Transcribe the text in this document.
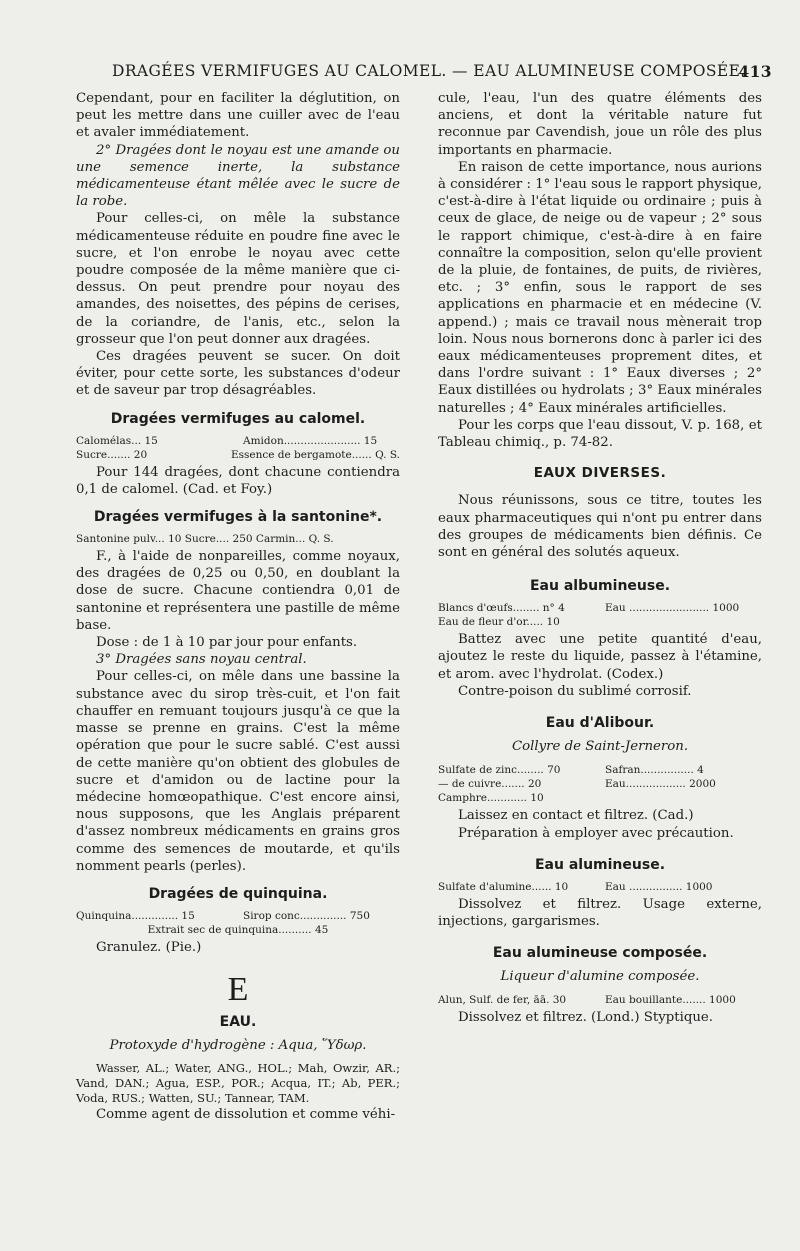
DRAGÉES VERMIFUGES AU CALOMEL. — EAU ALUMINEUSE COMPOSÉE.
413

Cependant, pour en faciliter la déglutition, on peut les mettre dans une cuiller avec de l'eau et avaler immédiatement.

2° Dragées dont le noyau est une amande ou une semence inerte, la substance médicamenteuse étant mêlée avec le sucre de la robe.

Pour celles-ci, on mêle la substance médicamenteuse réduite en poudre fine avec le sucre, et l'on enrobe le noyau avec cette poudre composée de la même manière que ci-dessus. On peut prendre pour noyau des amandes, des noisettes, des pépins de cerises, de la coriandre, de l'anis, etc., selon la grosseur que l'on peut donner aux dragées.

Ces dragées peuvent se sucer. On doit éviter, pour cette sorte, les substances d'odeur et de saveur par trop désagréables.

Dragées vermifuges au calomel.
Calomélas... 15	Amidon....................... 15
Sucre....... 20	Essence de bergamote...... Q. S.

Pour 144 dragées, dont chacune contiendra 0,1 de calomel. (Cad. et Foy.)

Dragées vermifuges à la santonine*.
Santonine pulv... 10 Sucre.... 250 Carmin... Q. S.

F., à l'aide de nonpareilles, comme noyaux, des dragées de 0,25 ou 0,50, en doublant la dose de sucre. Chacune contiendra 0,01 de santonine et représentera une pastille de même base.

Dose : de 1 à 10 par jour pour enfants.

3° Dragées sans noyau central.

Pour celles-ci, on mêle dans une bassine la substance avec du sirop très-cuit, et l'on fait chauffer en remuant toujours jusqu'à ce que la masse se prenne en grains. C'est la même opération que pour le sucre sablé. C'est aussi de cette manière qu'on obtient des globules de sucre et d'amidon ou de lactine pour la médecine homœopathique. C'est encore ainsi, nous supposons, que les Anglais préparent d'assez nombreux médicaments en grains gros comme des semences de moutarde, et qu'ils nomment pearls (perles).

Dragées de quinquina.
Quinquina.............. 15	Sirop conc.............. 750
Extrait sec de quinquina.......... 45

Granulez. (Pie.)

E
EAU.

Protoxyde d'hydrogène : Aqua, Ὕδωρ.

Wasser, AL.; Water, ANG., HOL.; Mah, Owzir, AR.; Vand, DAN.; Agua, ESP., POR.; Acqua, IT.; Ab, PER.; Voda, RUS.; Watten, SU.; Tannear, TAM.

Comme agent de dissolution et comme véhi-

cule, l'eau, l'un des quatre éléments des anciens, et dont la véritable nature fut reconnue par Cavendish, joue un rôle des plus importants en pharmacie.

En raison de cette importance, nous aurions à considérer : 1° l'eau sous le rapport physique, c'est-à-dire à l'état liquide ou ordinaire ; puis à ceux de glace, de neige ou de vapeur ; 2° sous le rapport chimique, c'est-à-dire à en faire connaître la composition, selon qu'elle provient de la pluie, de fontaines, de puits, de rivières, etc. ; 3° enfin, sous le rapport de ses applications en pharmacie et en médecine (V. append.) ; mais ce travail nous mènerait trop loin. Nous nous bornerons donc à parler ici des eaux médicamenteuses proprement dites, et dans l'ordre suivant : 1° Eaux diverses ; 2° Eaux distillées ou hydrolats ; 3° Eaux minérales naturelles ; 4° Eaux minérales artificielles.

Pour les corps que l'eau dissout, V. p. 168, et Tableau chimiq., p. 74-82.

EAUX DIVERSES.

Nous réunissons, sous ce titre, toutes les eaux pharmaceutiques qui n'ont pu entrer dans des groupes de médicaments bien définis. Ce sont en général des solutés aqueux.

Eau albumineuse.
Blancs d'œufs........ n° 4	Eau ........................ 1000
Eau de fleur d'or..... 10

Battez avec une petite quantité d'eau, ajoutez le reste du liquide, passez à l'étamine, et arom. avec l'hydrolat. (Codex.)

Contre-poison du sublimé corrosif.

Eau d'Alibour.
Collyre de Saint-Jerneron.
Sulfate de zinc........ 70	Safran................ 4
— de cuivre....... 20	Eau.................. 2000
Camphre............ 10

Laissez en contact et filtrez. (Cad.)

Préparation à employer avec précaution.

Eau alumineuse.
Sulfate d'alumine...... 10	Eau ................ 1000

Dissolvez et filtrez. Usage externe, injections, gargarismes.

Eau alumineuse composée.
Liqueur d'alumine composée.
Alun, Sulf. de fer, āā. 30	Eau bouillante....... 1000

Dissolvez et filtrez. (Lond.) Styptique.
